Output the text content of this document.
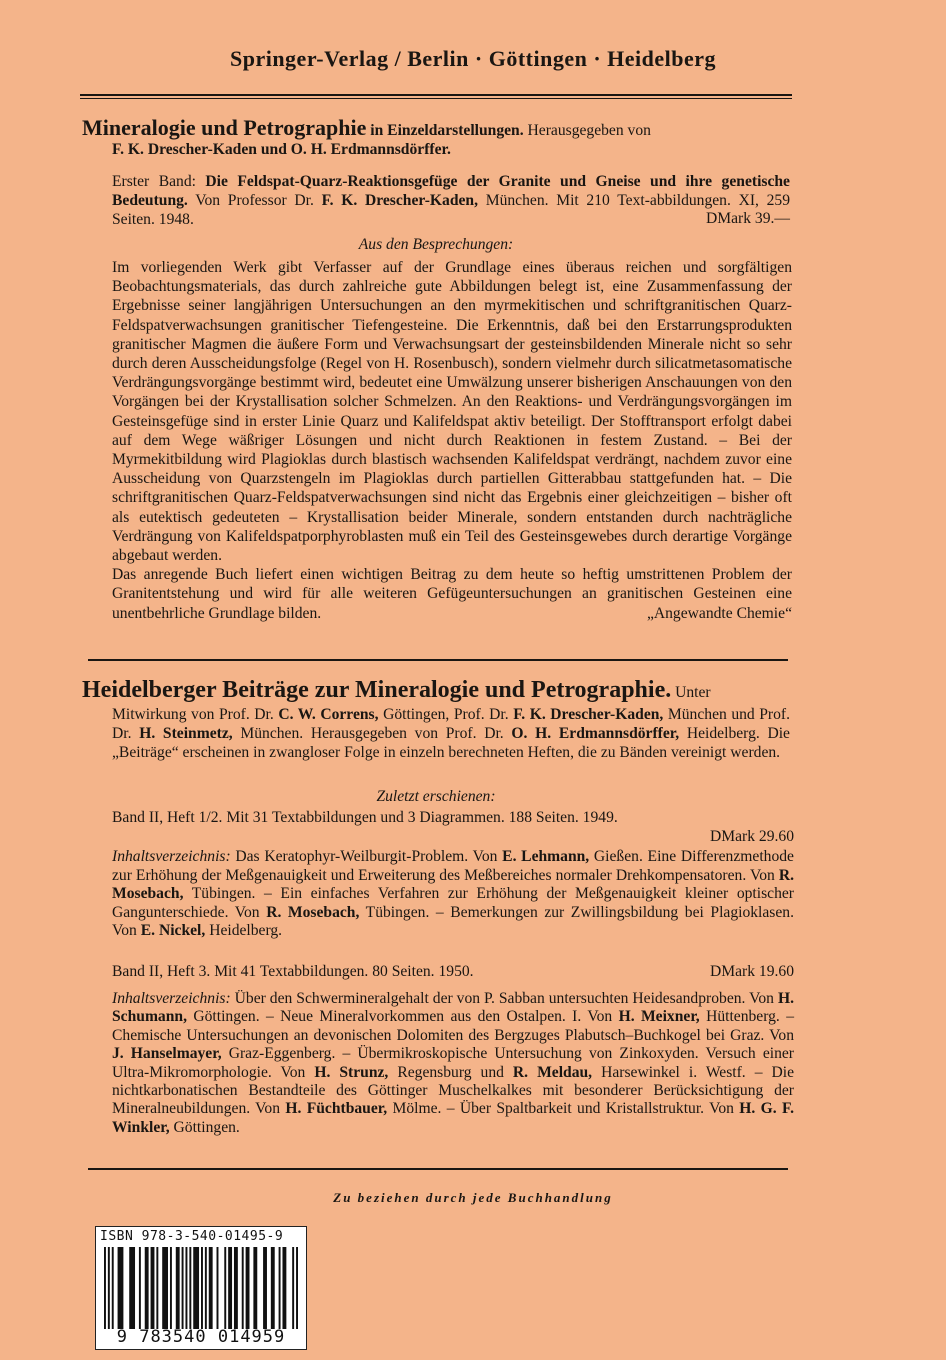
Springer-Verlag / Berlin · Göttingen · Heidelberg

Mineralogie und Petrographie in Einzeldarstellungen. Herausgegeben von

F. K. Drescher-Kaden und O. H. Erdmannsdörffer.

Erster Band: Die Feldspat-Quarz-Reaktionsgefüge der Granite und Gneise und ihre genetische Bedeutung. Von Professor Dr. F. K. Drescher-Kaden, München. Mit 210 Text-abbildungen. XI, 259 Seiten. 1948.	DMark 39.—
Aus den Besprechungen:

Im vorliegenden Werk gibt Verfasser auf der Grundlage eines überaus reichen und sorgfältigen Beobachtungsmaterials, das durch zahlreiche gute Abbildungen belegt ist, eine Zusammenfassung der Ergebnisse seiner langjährigen Untersuchungen an den myrmekitischen und schriftgranitischen Quarz-Feldspatverwachsungen granitischer Tiefengesteine. Die Erkenntnis, daß bei den Erstarrungsprodukten granitischer Magmen die äußere Form und Verwachsungsart der gesteinsbildenden Minerale nicht so sehr durch deren Ausscheidungsfolge (Regel von H. Rosenbusch), sondern vielmehr durch silicatmetasomatische Verdrängungsvorgänge bestimmt wird, bedeutet eine Umwälzung unserer bisherigen Anschauungen von den Vorgängen bei der Krystallisation solcher Schmelzen. An den Reaktions- und Verdrängungsvorgängen im Gesteinsgefüge sind in erster Linie Quarz und Kalifeldspat aktiv beteiligt. Der Stofftransport erfolgt dabei auf dem Wege wäßriger Lösungen und nicht durch Reaktionen in festem Zustand. – Bei der Myrmekitbildung wird Plagioklas durch blastisch wachsenden Kalifeldspat verdrängt, nachdem zuvor eine Ausscheidung von Quarzstengeln im Plagioklas durch partiellen Gitterabbau stattgefunden hat. – Die schriftgranitischen Quarz-Feldspatverwachsungen sind nicht das Ergebnis einer gleichzeitigen – bisher oft als eutektisch gedeuteten – Krystallisation beider Minerale, sondern entstanden durch nachträgliche Verdrängung von Kalifeldspatporphyroblasten muß ein Teil des Gesteinsgewebes durch derartige Vorgänge abgebaut werden.

Das anregende Buch liefert einen wichtigen Beitrag zu dem heute so heftig umstrittenen Problem der Granitentstehung und wird für alle weiteren Gefügeuntersuchungen an granitischen Gesteinen eine unentbehrliche Grundlage bilden.	„Angewandte Chemie“

Heidelberger Beiträge zur Mineralogie und Petrographie. Unter

Mitwirkung von Prof. Dr. C. W. Correns, Göttingen, Prof. Dr. F. K. Drescher-Kaden, München und Prof. Dr. H. Steinmetz, München. Herausgegeben von Prof. Dr. O. H. Erdmannsdörffer, Heidelberg. Die „Beiträge“ erscheinen in zwangloser Folge in einzeln berechneten Heften, die zu Bänden vereinigt werden.

Zuletzt erschienen:

Band II, Heft 1/2. Mit 31 Textabbildungen und 3 Diagrammen. 188 Seiten. 1949.

DMark 29.60

Inhaltsverzeichnis: Das Keratophyr-Weilburgit-Problem. Von E. Lehmann, Gießen. Eine Differenzmethode zur Erhöhung der Meßgenauigkeit und Erweiterung des Meßbereiches normaler Drehkompensatoren. Von R. Mosebach, Tübingen. – Ein einfaches Verfahren zur Erhöhung der Meßgenauigkeit kleiner optischer Gangunterschiede. Von R. Mosebach, Tübingen. – Bemerkungen zur Zwillingsbildung bei Plagioklasen. Von E. Nickel, Heidelberg.

Band II, Heft 3. Mit 41 Textabbildungen. 80 Seiten. 1950.	DMark 19.60

Inhaltsverzeichnis: Über den Schwermineralgehalt der von P. Sabban untersuchten Heidesandproben. Von H. Schumann, Göttingen. – Neue Mineralvorkommen aus den Ostalpen. I. Von H. Meixner, Hüttenberg. – Chemische Untersuchungen an devonischen Dolomiten des Bergzuges Plabutsch–Buchkogel bei Graz. Von J. Hanselmayer, Graz-Eggenberg. – Übermikroskopische Untersuchung von Zinkoxyden. Versuch einer Ultra-Mikromorphologie. Von H. Strunz, Regensburg und R. Meldau, Harsewinkel i. Westf. – Die nichtkarbonatischen Bestandteile des Göttinger Muschelkalkes mit besonderer Berücksichtigung der Mineralneubildungen. Von H. Füchtbauer, Mölme. – Über Spaltbarkeit und Kristallstruktur. Von H. G. F. Winkler, Göttingen.

Zu beziehen durch jede Buchhandlung
ISBN 978-3-540-01495-9
9 783540 014959
